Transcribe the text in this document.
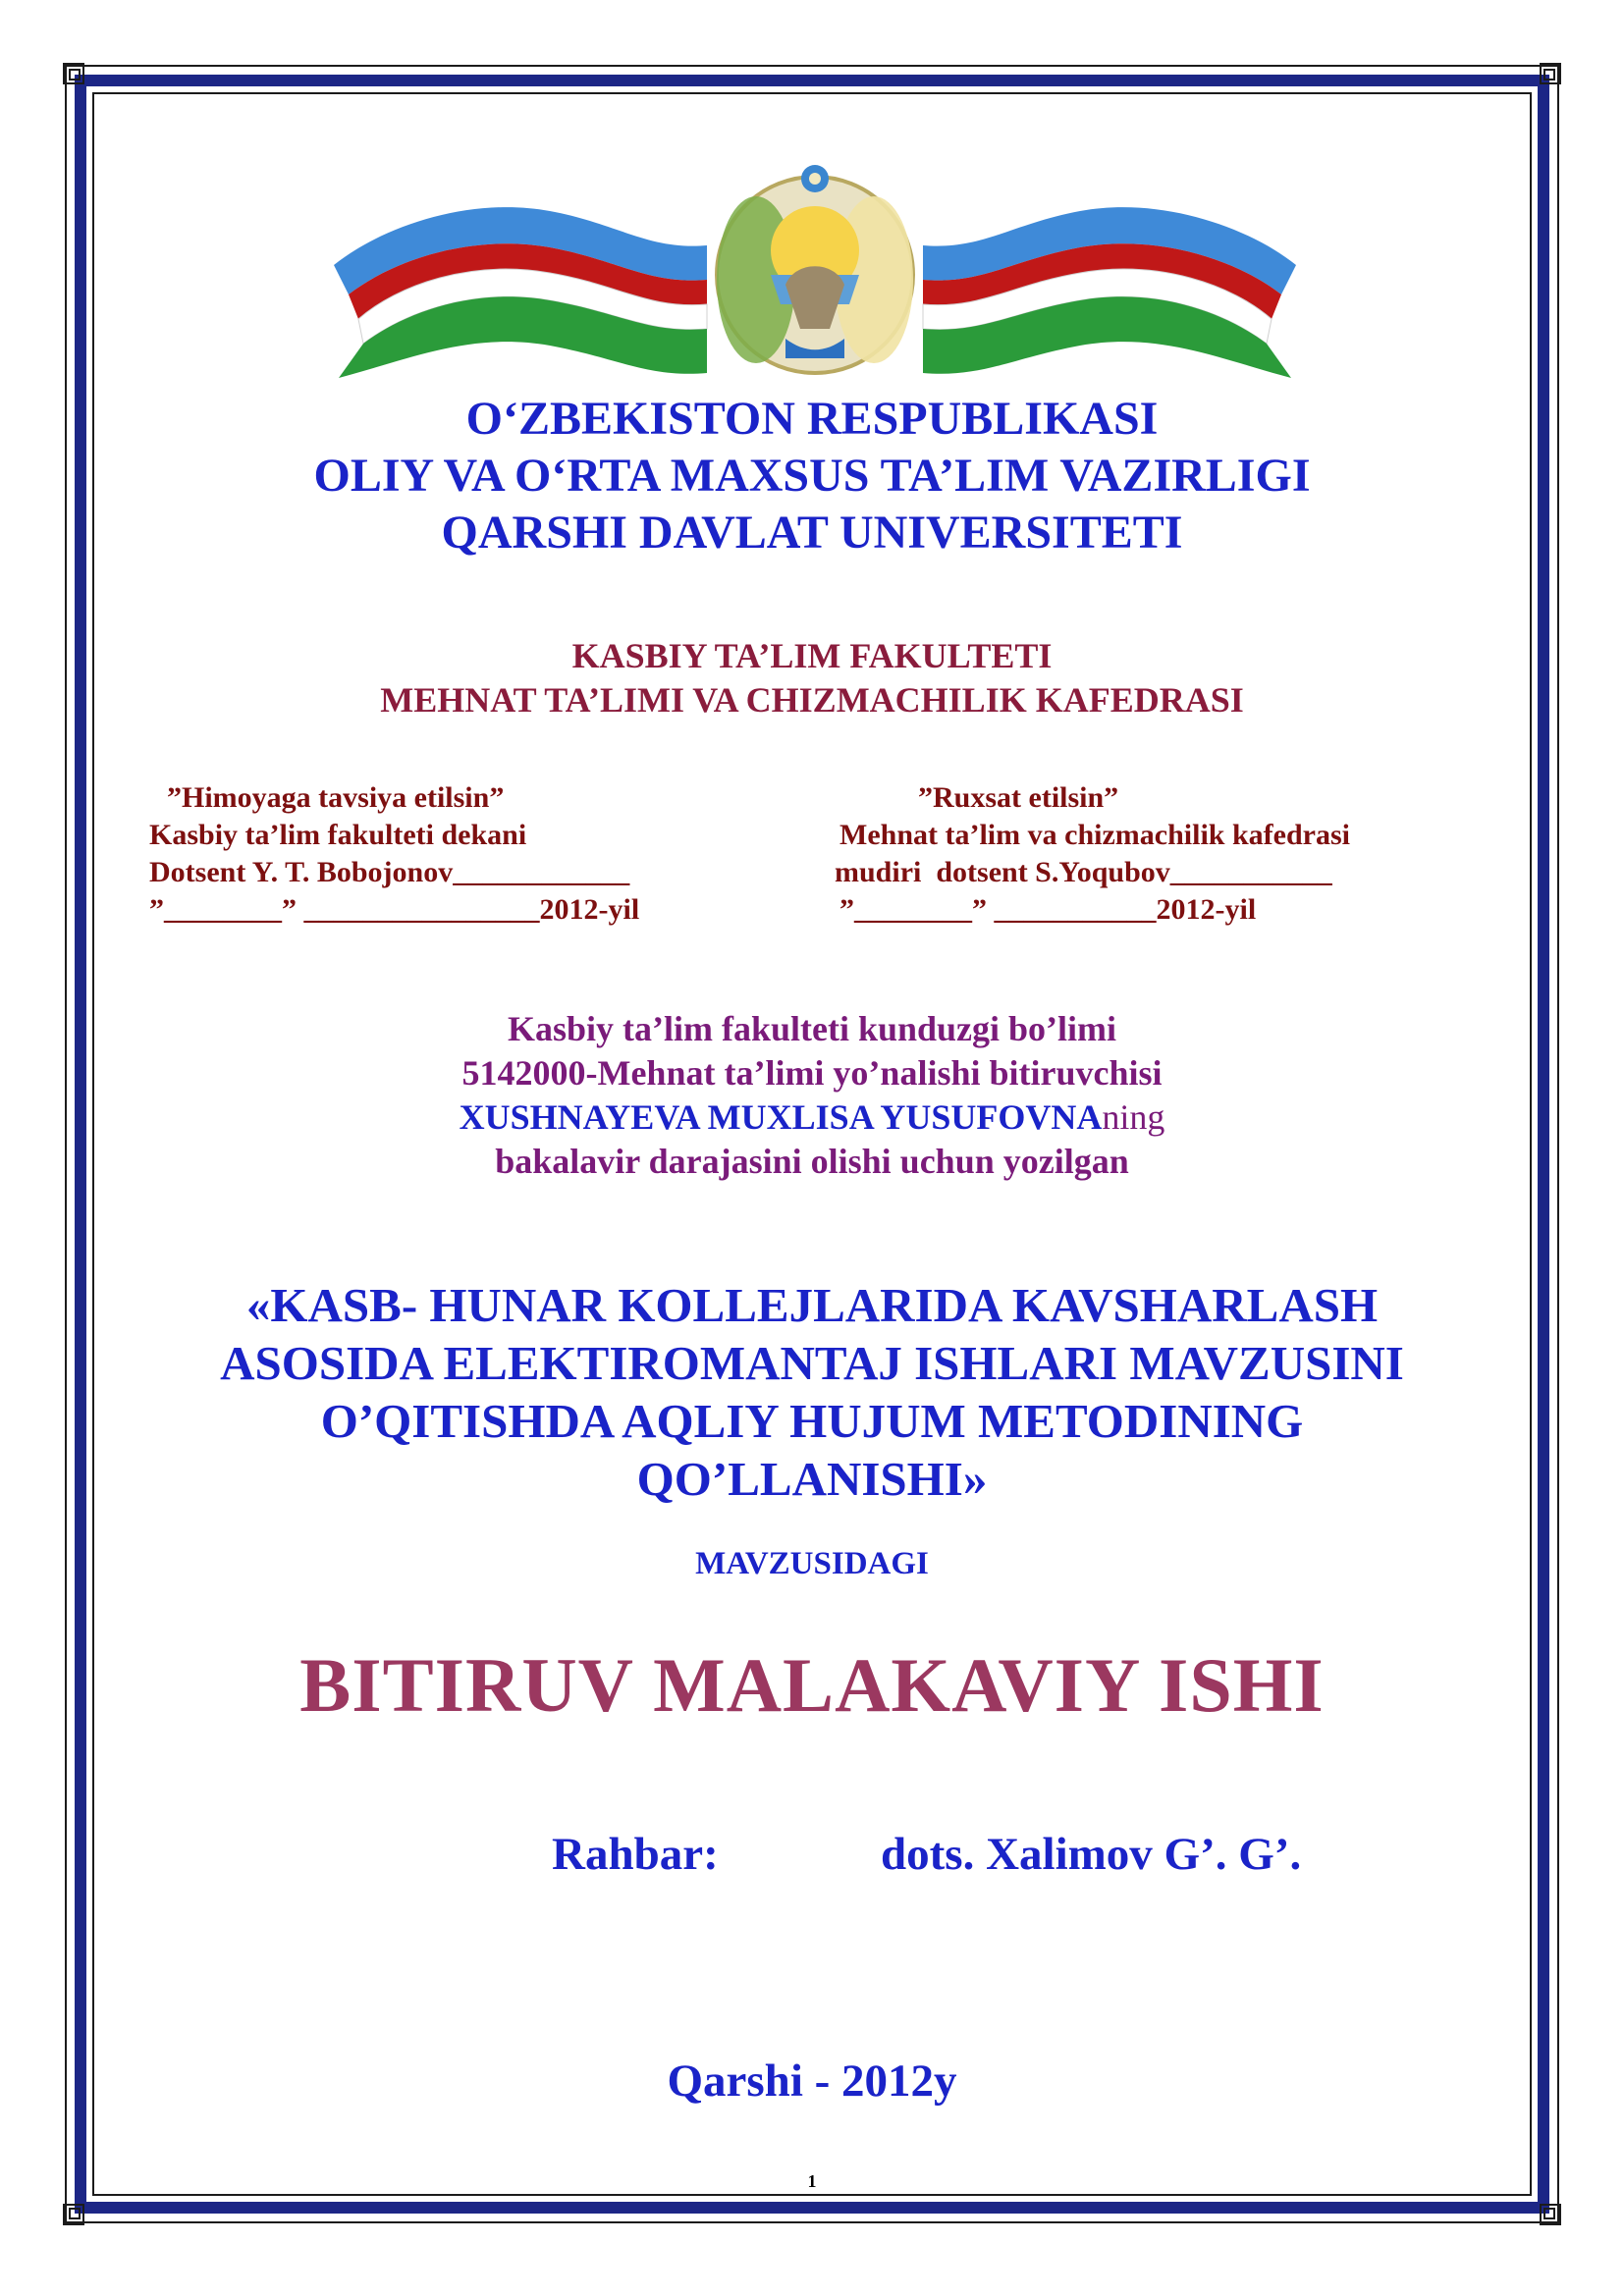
O‘ZBEKISTON RESPUBLIKASI
OLIY VA O‘RTA MAXSUS TA’LIM VAZIRLIGI
QARSHI DAVLAT UNIVERSITETI
KASBIY TA’LIM FAKULTETI
MEHNAT TA’LIMI VA CHIZMACHILIK KAFEDRASI
”Himoyaga tavsiya etilsin”
Kasbiy ta’lim fakulteti dekani
Dotsent Y. T. Bobojonov____________
”________” ________________2012-yil
”Ruxsat etilsin”
Mehnat ta’lim va chizmachilik kafedrasi
mudiri  dotsent S.Yoqubov___________
”________” ___________2012-yil
Kasbiy ta’lim fakulteti kunduzgi bo’limi
5142000-Mehnat ta’limi yo’nalishi bitiruvchisi
XUSHNAYEVA MUXLISA YUSUFOVNAning
bakalavir darajasini olishi uchun yozilgan
«KASB- HUNAR KOLLEJLARIDA KAVSHARLASH
ASOSIDA ELEKTIROMANTAJ ISHLARI MAVZUSINI
O’QITISHDA AQLIY HUJUM METODINING
QO’LLANISHI»
MAVZUSIDAGI
BITIRUV MALAKAVIY ISHI
Rahbar:	dots. Xalimov G’. G’.
Qarshi - 2012y
1
